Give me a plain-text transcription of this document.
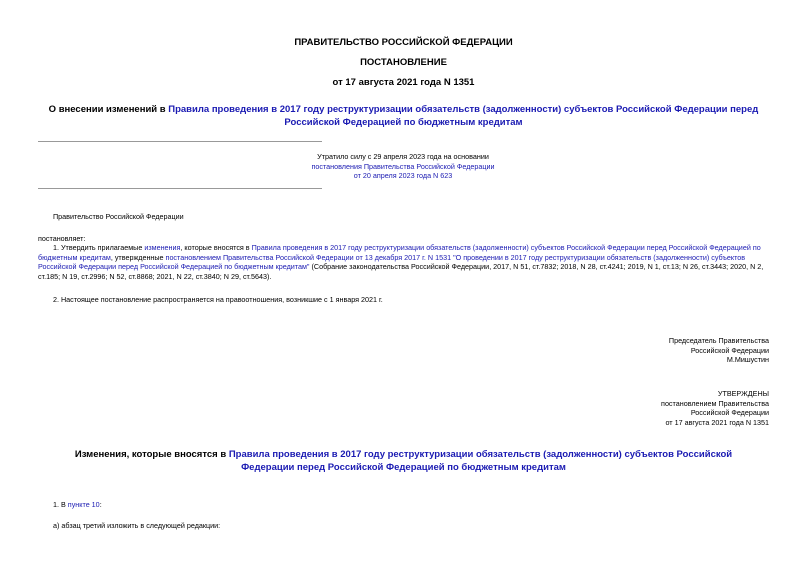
ПРАВИТЕЛЬСТВО РОССИЙСКОЙ ФЕДЕРАЦИИ
ПОСТАНОВЛЕНИЕ
от 17 августа 2021 года N 1351
О внесении изменений в Правила проведения в 2017 году реструктуризации обязательств (задолженности) субъектов Российской Федерации перед Российской Федерацией по бюджетным кредитам
Утратило силу с 29 апреля 2023 года на основании
постановления Правительства Российской Федерации
от 20 апреля 2023 года N 623
Правительство Российской Федерации
постановляет:
1. Утвердить прилагаемые изменения, которые вносятся в Правила проведения в 2017 году реструктуризации обязательств (задолженности) субъектов Российской Федерации перед Российской Федерацией по бюджетным кредитам, утвержденные постановлением Правительства Российской Федерации от 13 декабря 2017 г. N 1531 "О проведении в 2017 году реструктуризации обязательств (задолженности) субъектов Российской Федерации перед Российской Федерацией по бюджетным кредитам" (Собрание законодательства Российской Федерации, 2017, N 51, ст.7832; 2018, N 28, ст.4241; 2019, N 1, ст.13; N 26, ст.3443; 2020, N 2, ст.185; N 19, ст.2996; N 52, ст.8868; 2021, N 22, ст.3840; N 29, ст.5643).
2. Настоящее постановление распространяется на правоотношения, возникшие с 1 января 2021 г.
Председатель Правительства
Российской Федерации
М.Мишустин
УТВЕРЖДЕНЫ
постановлением Правительства
Российской Федерации
от 17 августа 2021 года N 1351
Изменения, которые вносятся в Правила проведения в 2017 году реструктуризации обязательств (задолженности) субъектов Российской Федерации перед Российской Федерацией по бюджетным кредитам
1. В пункте 10:
а) абзац третий изложить в следующей редакции:
